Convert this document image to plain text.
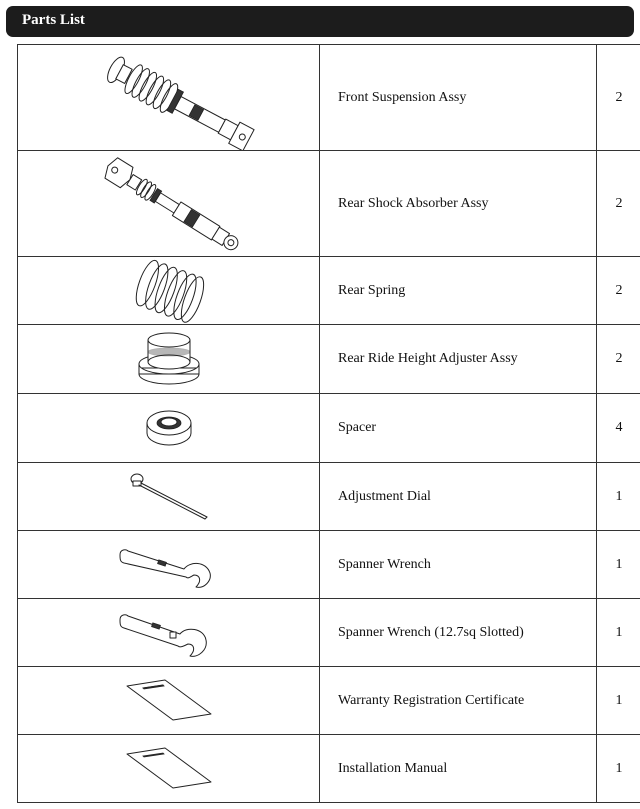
Parts List
	Front Suspension Assy	2

	Rear Shock Absorber Assy	2

	Rear Spring	2

	Rear Ride Height Adjuster Assy	2

	Spacer	4

	Adjustment Dial	1

	Spanner Wrench	1

	Spanner Wrench (12.7sq Slotted)	1

	Warranty Registration Certificate	1

	Installation Manual	1
